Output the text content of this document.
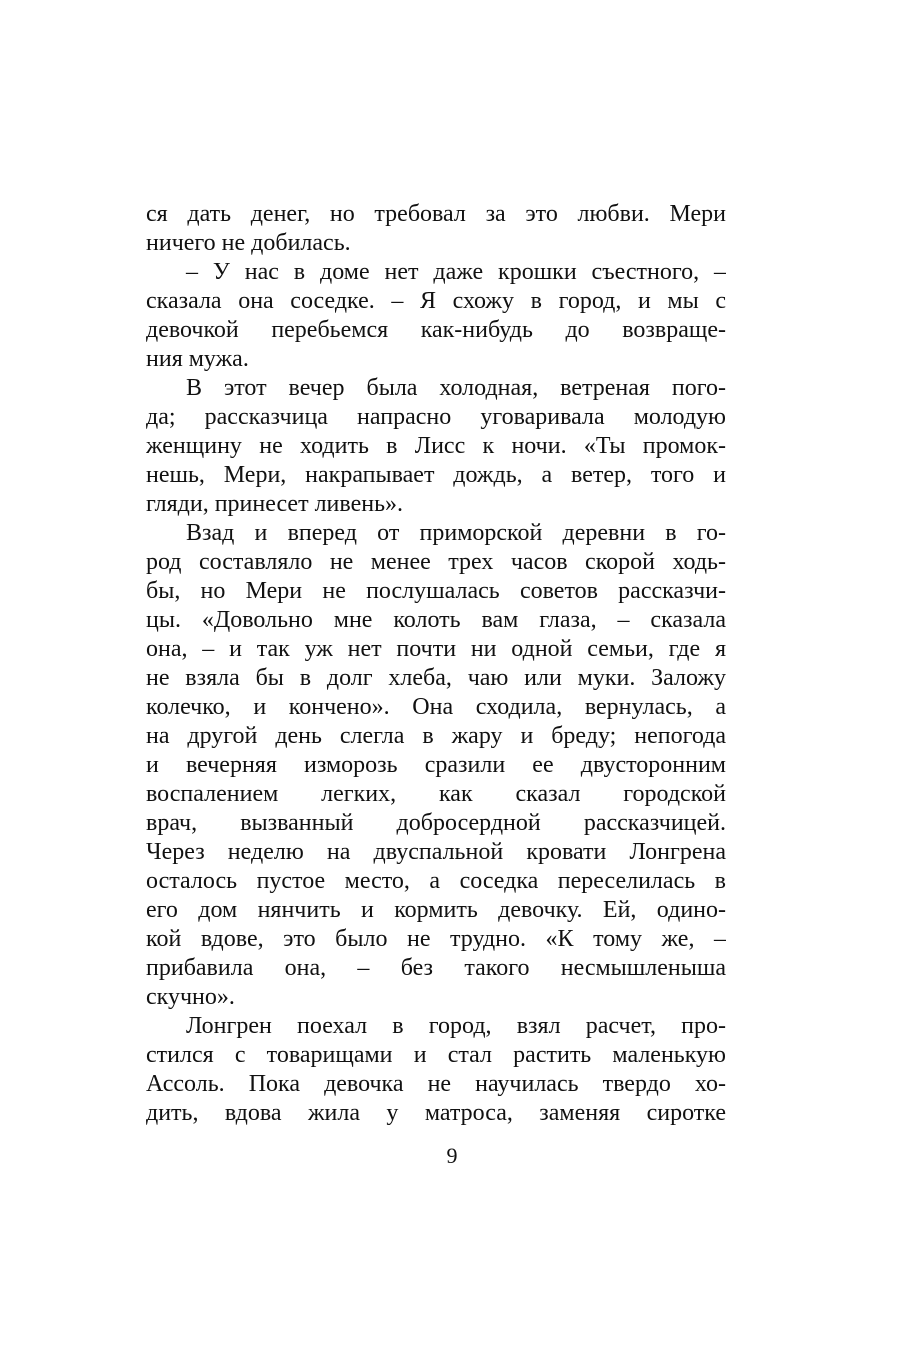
ся дать денег, но требовал за это любви. Мери
ничего не добилась.
– У нас в доме нет даже крошки съестного, –
сказала она соседке. – Я схожу в город, и мы с
девочкой перебьемся как-нибудь до возвраще-
ния мужа.
В этот вечер была холодная, ветреная пого-
да; рассказчица напрасно уговаривала молодую
женщину не ходить в Лисс к ночи. «Ты промок-
нешь, Мери, накрапывает дождь, а ветер, того и
гляди, принесет ливень».
Взад и вперед от приморской деревни в го-
род составляло не менее трех часов скорой ходь-
бы, но Мери не послушалась советов рассказчи-
цы. «Довольно мне колоть вам глаза, – сказала
она, – и так уж нет почти ни одной семьи, где я
не взяла бы в долг хлеба, чаю или муки. Заложу
колечко, и кончено». Она сходила, вернулась, а
на другой день слегла в жару и бреду; непогода
и вечерняя изморозь сразили ее двусторонним
воспалением легких, как сказал городской
врач, вызванный добросердной рассказчицей.
Через неделю на двуспальной кровати Лонгрена
осталось пустое место, а соседка переселилась в
его дом нянчить и кормить девочку. Ей, одино-
кой вдове, это было не трудно. «К тому же, –
прибавила она, – без такого несмышленыша
скучно».
Лонгрен поехал в город, взял расчет, про-
стился с товарищами и стал растить маленькую
Ассоль. Пока девочка не научилась твердо хо-
дить, вдова жила у матроса, заменяя сиротке
9
